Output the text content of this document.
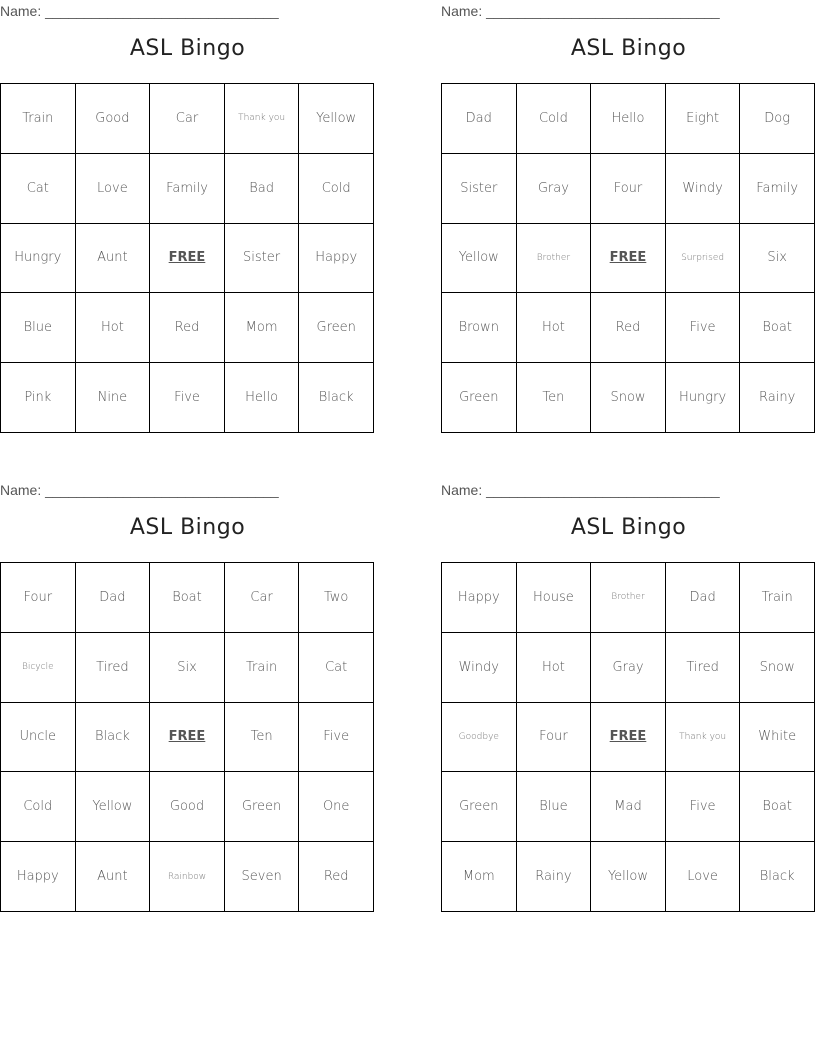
Name: ______________________________
ASL Bingo
Train	Good	Car	Thank you	Yellow
Cat	Love	Family	Bad	Cold
Hungry	Aunt	FREE	Sister	Happy
Blue	Hot	Red	Mom	Green
Pink	Nine	Five	Hello	Black
Name: ______________________________
ASL Bingo
Dad	Cold	Hello	Eight	Dog
Sister	Gray	Four	Windy	Family
Yellow	Brother	FREE	Surprised	Six
Brown	Hot	Red	Five	Boat
Green	Ten	Snow	Hungry	Rainy
Name: ______________________________
ASL Bingo
Four	Dad	Boat	Car	Two
Bicycle	Tired	Six	Train	Cat
Uncle	Black	FREE	Ten	Five
Cold	Yellow	Good	Green	One
Happy	Aunt	Rainbow	Seven	Red
Name: ______________________________
ASL Bingo
Happy	House	Brother	Dad	Train
Windy	Hot	Gray	Tired	Snow
Goodbye	Four	FREE	Thank you	White
Green	Blue	Mad	Five	Boat
Mom	Rainy	Yellow	Love	Black
